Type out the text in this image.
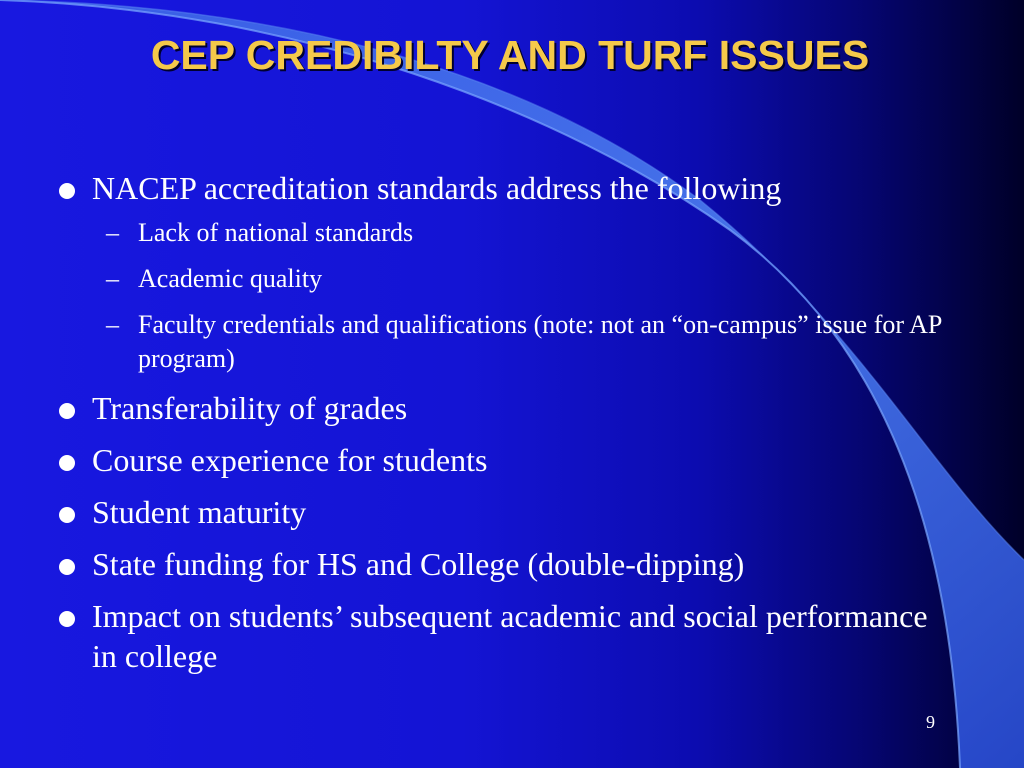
CEP CREDIBILTY AND TURF ISSUES
NACEP accreditation standards address the following
– Lack of national standards
– Academic quality
– Faculty credentials and qualifications (note: not an “on-campus” issue for AP program)
Transferability of grades
Course experience for students
Student maturity
State funding for HS and College (double-dipping)
Impact on students’ subsequent academic and social performance in college
9
